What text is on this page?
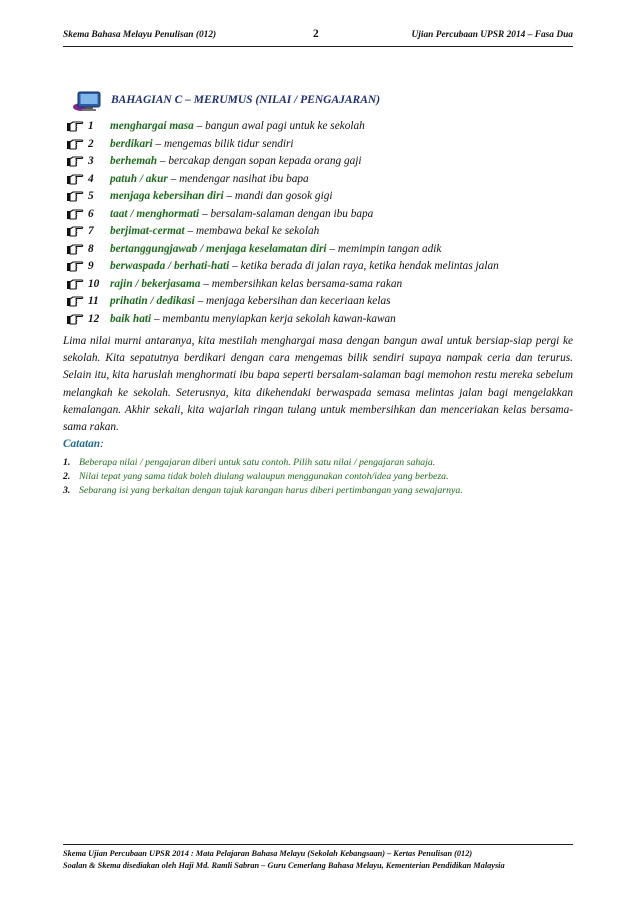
Skema Bahasa Melayu Penulisan (012)	2	Ujian Percubaan UPSR 2014 – Fasa Dua
BAHAGIAN C – MERUMUS (NILAI / PENGAJARAN)
1 menghargai masa – bangun awal pagi untuk ke sekolah
2 berdikari – mengemas bilik tidur sendiri
3 berhemah – bercakap dengan sopan kepada orang gaji
4 patuh / akur – mendengar nasihat ibu bapa
5 menjaga kebersihan diri – mandi dan gosok gigi
6 taat / menghormati – bersalam-salaman dengan ibu bapa
7 berjimat-cermat – membawa bekal ke sekolah
8 bertanggungjawab / menjaga keselamatan diri – memimpin tangan adik
9 berwaspada / berhati-hati – ketika berada di jalan raya, ketika hendak melintas jalan
10 rajin / bekerjasama – membersihkan kelas bersama-sama rakan
11 prihatin / dedikasi – menjaga kebersihan dan keceriaan kelas
12 baik hati – membantu menyiapkan kerja sekolah kawan-kawan
Lima nilai murni antaranya, kita mestilah menghargai masa dengan bangun awal untuk bersiap-siap pergi ke sekolah. Kita sepatutnya berdikari dengan cara mengemas bilik sendiri supaya nampak ceria dan terurus. Selain itu, kita haruslah menghormati ibu bapa seperti bersalam-salaman bagi memohon restu mereka sebelum melangkah ke sekolah. Seterusnya, kita dikehendaki berwaspada semasa melintas jalan bagi mengelakkan kemalangan. Akhir sekali, kita wajarlah ringan tulang untuk membersihkan dan menceriakan kelas bersama-sama rakan.
Catatan:
1. Beberapa nilai / pengajaran diberi untuk satu contoh. Pilih satu nilai / pengajaran sahaja.
2. Nilai tepat yang sama tidak boleh diulang walaupun menggunakan contoh/idea yang berbeza.
3. Sebarang isi yang berkaitan dengan tajuk karangan harus diberi pertimbangan yang sewajarnya.
Skema Ujian Percubaan UPSR 2014 : Mata Pelajaran Bahasa Melayu (Sekolah Kebangsaan) – Kertas Penulisan (012)
Soalan & Skema disediakan oleh Haji Md. Ramli Sabran – Guru Cemerlang Bahasa Melayu, Kementerian Pendidikan Malaysia
